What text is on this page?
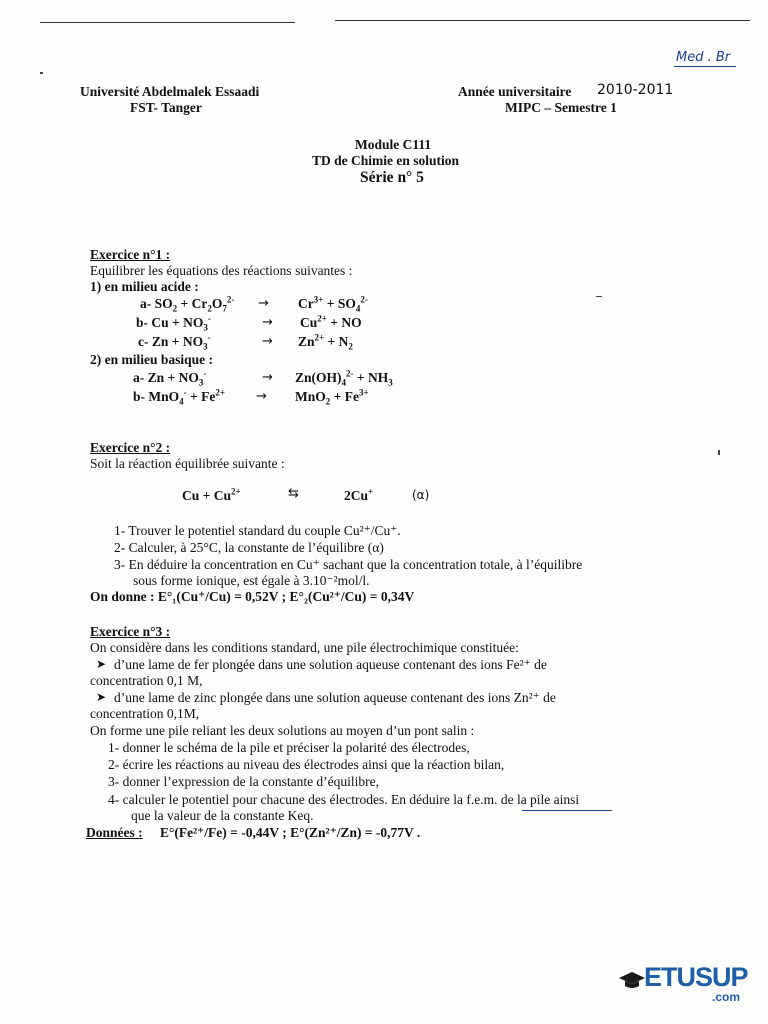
Med . Br
Université Abdelmalek Essaadi
FST- Tanger
Année universitaire 2010-2011
MIPC – Semestre 1
Module C111
TD de Chimie en solution
Série n° 5
Exercice n°1 :
Equilibrer les équations des réactions suivantes :
1) en milieu acide :
a- $SO_2 + Cr_2O_7^{2-} \to Cr^{3+} + SO_4^{2-}$
b- $Cu + NO_3^-$	→ $Cu^{2+}$ + NO
c- $Zn + NO_3^-$	→ $Zn^{2+} + N_2$
2) en milieu basique :
a- $Zn + NO_3^-$	→ $Zn(OH)_4^{2-} + NH_3$
b- $MnO_4^- + Fe^{2+} \to MnO_2 + Fe^{3+}$
Exercice n°2 :
Soit la réaction équilibrée suivante :
$Cu + Cu^{2+}$	⇆	2Cu+	(α)
1- Trouver le potentiel standard du couple Cu²⁺/Cu⁺.
2- Calculer, à 25°C, la constante de l’équilibre (α)
3- En déduire la concentration en Cu⁺ sachant que la concentration totale, à l’équilibre
sous forme ionique, est égale à 3.10⁻²mol/l.
On donne : E°₁(Cu⁺/Cu) = 0,52V ; E°₂(Cu²⁺/Cu) = 0,34V
Exercice n°3 :
On considère dans les conditions standard, une pile électrochimique constituée:
➤ d’une lame de fer plongée dans une solution aqueuse contenant des ions Fe²⁺ de
concentration 0,1 M,
➤ d’une lame de zinc plongée dans une solution aqueuse contenant des ions Zn²⁺ de
concentration 0,1M,
On forme une pile reliant les deux solutions au moyen d’un pont salin :
1- donner le schéma de la pile et préciser la polarité des électrodes,
2- écrire les réactions au niveau des électrodes ainsi que la réaction bilan,
3- donner l’expression de la constante d’équilibre,
4- calculer le potentiel pour chacune des électrodes. En déduire la f.e.m. de la pile ainsi
que la valeur de la constante Keq.
Données : E°(Fe²⁺/Fe) = -0,44V ; E°(Zn²⁺/Zn) = -0,77V .
ETUSUP
.com
